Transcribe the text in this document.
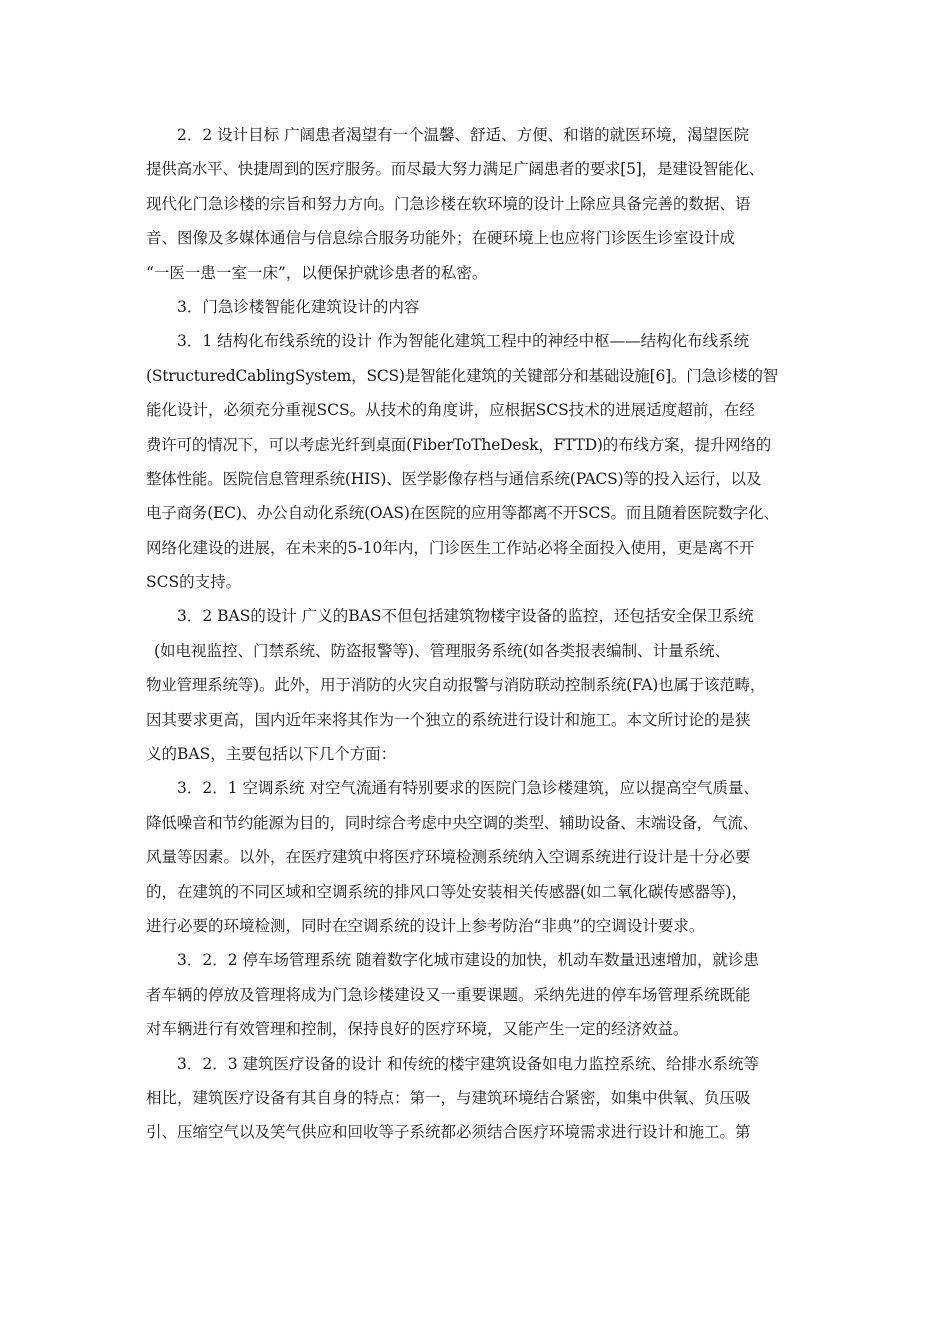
2．2 设计目标 广阔患者渴望有一个温馨、舒适、方便、和谐的就医环境，渴望医院
提供高水平、快捷周到的医疗服务。而尽最大努力满足广阔患者的要求[5]，是建设智能化、
现代化门急诊楼的宗旨和努力方向。门急诊楼在软环境的设计上除应具备完善的数据、语
音、图像及多媒体通信与信息综合服务功能外；在硬环境上也应将门诊医生诊室设计成
“一医一患一室一床”，以便保护就诊患者的私密。
3．门急诊楼智能化建筑设计的内容
3．1 结构化布线系统的设计 作为智能化建筑工程中的神经中枢——结构化布线系统
(StructuredCablingSystem，SCS)是智能化建筑的关键部分和基础设施[6]。门急诊楼的智
能化设计，必须充分重视SCS。从技术的角度讲，应根据SCS技术的进展适度超前，在经
费许可的情况下，可以考虑光纤到桌面(FiberToTheDesk，FTTD)的布线方案，提升网络的
整体性能。医院信息管理系统(HIS)、医学影像存档与通信系统(PACS)等的投入运行，以及
电子商务(EC)、办公自动化系统(OAS)在医院的应用等都离不开SCS。而且随着医院数字化、
网络化建设的进展，在未来的5-10年内，门诊医生工作站必将全面投入使用，更是离不开
SCS的支持。
3．2 BAS的设计 广义的BAS不但包括建筑物楼宇设备的监控，还包括安全保卫系统
(如电视监控、门禁系统、防盗报警等)、管理服务系统(如各类报表编制、计量系统、
物业管理系统等)。此外，用于消防的火灾自动报警与消防联动控制系统(FA)也属于该范畴，
因其要求更高，国内近年来将其作为一个独立的系统进行设计和施工。本文所讨论的是狭
义的BAS，主要包括以下几个方面：
3．2．1 空调系统 对空气流通有特别要求的医院门急诊楼建筑，应以提高空气质量、
降低噪音和节约能源为目的，同时综合考虑中央空调的类型、辅助设备、末端设备，气流、
风量等因素。以外，在医疗建筑中将医疗环境检测系统纳入空调系统进行设计是十分必要
的，在建筑的不同区域和空调系统的排风口等处安装相关传感器(如二氧化碳传感器等)，
进行必要的环境检测，同时在空调系统的设计上参考防治“非典”的空调设计要求。
3．2．2 停车场管理系统 随着数字化城市建设的加快，机动车数量迅速增加，就诊患
者车辆的停放及管理将成为门急诊楼建设又一重要课题。采纳先进的停车场管理系统既能
对车辆进行有效管理和控制，保持良好的医疗环境，又能产生一定的经济效益。
3．2．3 建筑医疗设备的设计 和传统的楼宇建筑设备如电力监控系统、给排水系统等
相比，建筑医疗设备有其自身的特点：第一，与建筑环境结合紧密，如集中供氧、负压吸
引、压缩空气以及笑气供应和回收等子系统都必须结合医疗环境需求进行设计和施工。第
